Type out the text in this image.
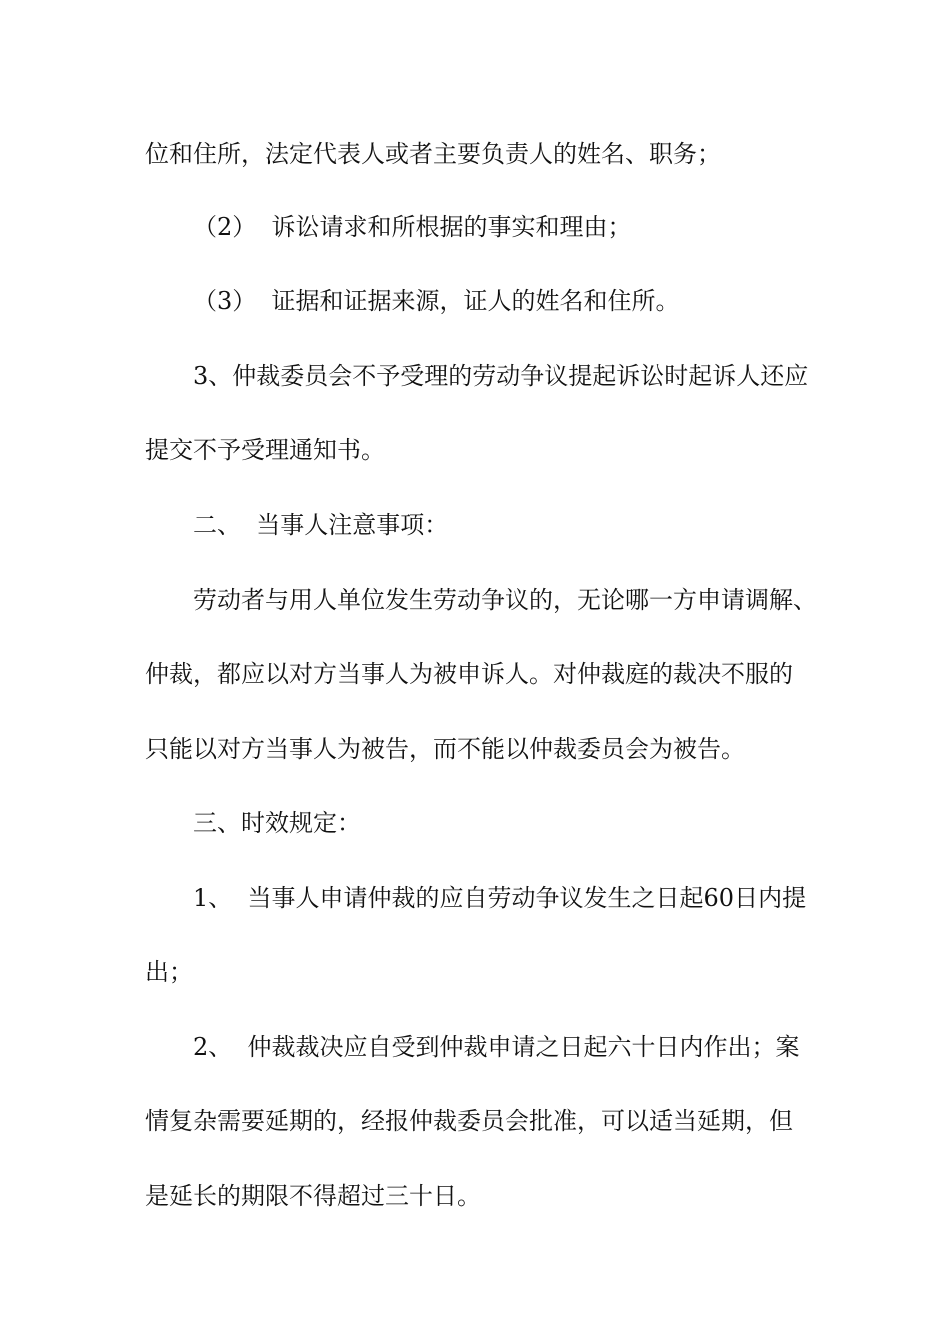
位和住所，法定代表人或者主要负责人的姓名、职务；
（2）  诉讼请求和所根据的事实和理由；
（3）  证据和证据来源，证人的姓名和住所。
3、仲裁委员会不予受理的劳动争议提起诉讼时起诉人还应
提交不予受理通知书。
二、  当事人注意事项：
劳动者与用人单位发生劳动争议的，无论哪一方申请调解、
仲裁，都应以对方当事人为被申诉人。对仲裁庭的裁决不服的
只能以对方当事人为被告，而不能以仲裁委员会为被告。
三、时效规定：
1、  当事人申请仲裁的应自劳动争议发生之日起60日内提
出；
2、  仲裁裁决应自受到仲裁申请之日起六十日内作出；案
情复杂需要延期的，经报仲裁委员会批准，可以适当延期，但
是延长的期限不得超过三十日。
